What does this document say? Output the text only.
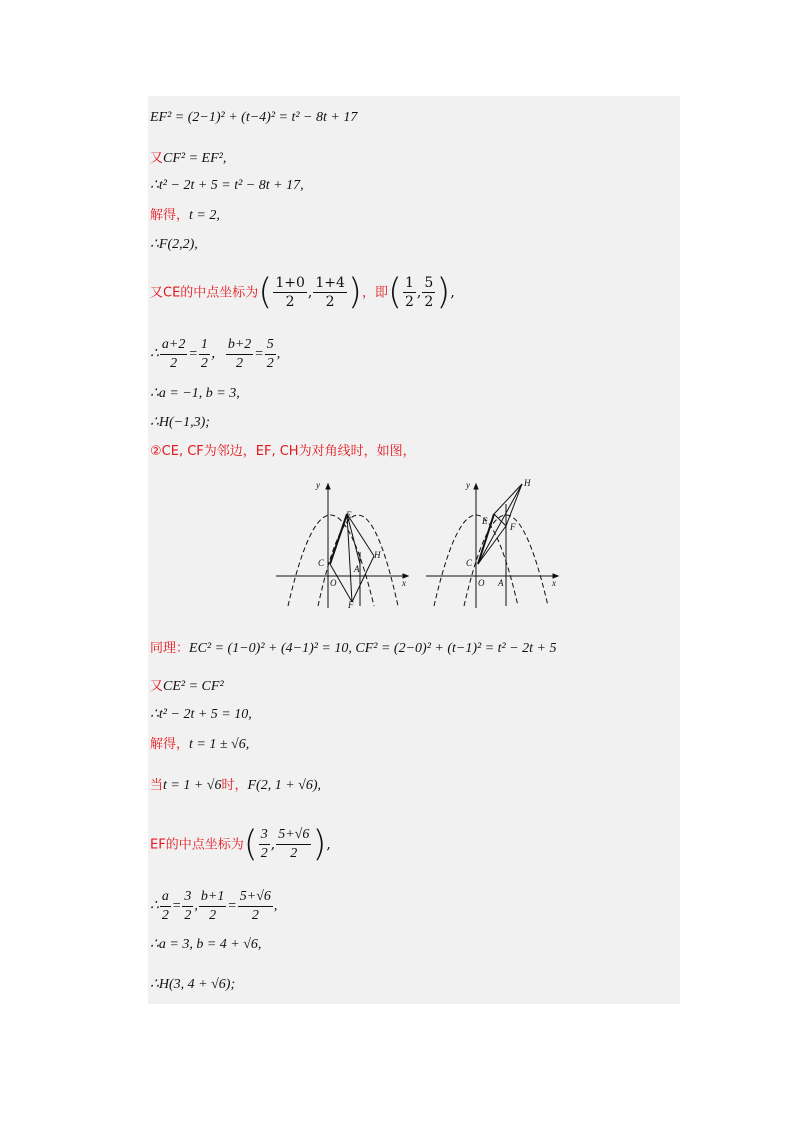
EF² = (2−1)² + (t−4)² = t² − 8t + 17
又CF² = EF²,
∴t² − 2t + 5 = t² − 8t + 17,
解得，t = 2,
∴F(2,2),
又CE的中点坐标为( $\frac{1+0}{2}$ , $\frac{1+4}{2}$ )，即( $\frac{1}{2}$ , $\frac{5}{2}$ ),
∴ $\frac{a+2}{2} = \frac{1}{2}$ ， $\frac{b+2}{2} = \frac{5}{2}$ ,
∴a = −1, b = 3,
∴H(−1,3);
②CE, CF为邻边，EF, CH为对角线时，如图，
y
x
O
C
E
F
H
A
y
x
O
C
E
F
H
A
同理：EC² = (1−0)² + (4−1)² = 10, CF² = (2−0)² + (t−1)² = t² − 2t + 5
又CE² = CF²
∴t² − 2t + 5 = 10,
解得，t = 1 ± √6,
当t = 1 + √6时，F(2, 1 + √6),
EF的中点坐标为( $\frac{3}{2}$ , $\frac{5+√6}{2}$ ),
∴ $\frac{a}{2} = \frac{3}{2}$ , $\frac{b+1}{2} = \frac{5+√6}{2}$ ,
∴a = 3, b = 4 + √6,
∴H(3, 4 + √6);
